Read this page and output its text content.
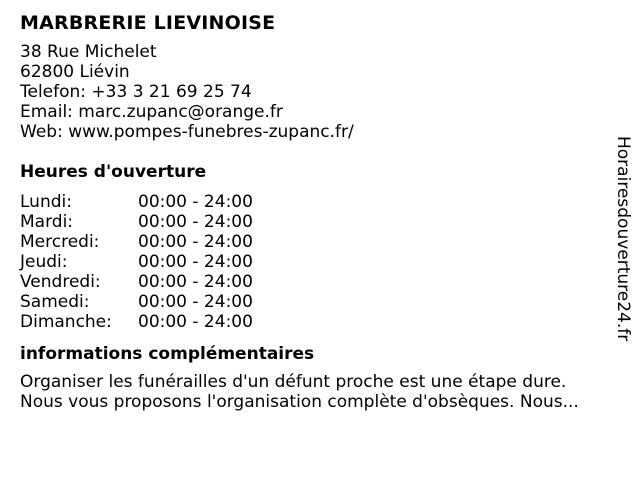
MARBRERIE LIEVINOISE
38 Rue Michelet
62800 Liévin
Telefon: +33 3 21 69 25 74
Email: marc.zupanc@orange.fr
Web: www.pompes-funebres-zupanc.fr/
Heures d'ouverture
Lundi:	00:00 - 24:00
Mardi:	00:00 - 24:00
Mercredi:	00:00 - 24:00
Jeudi:	00:00 - 24:00
Vendredi:	00:00 - 24:00
Samedi:	00:00 - 24:00
Dimanche:	00:00 - 24:00
informations complémentaires
Organiser les funérailles d'un défunt proche est une étape dure.
Nous vous proposons l'organisation complète d'obsèques. Nous...
Horairesdouverture24.fr
